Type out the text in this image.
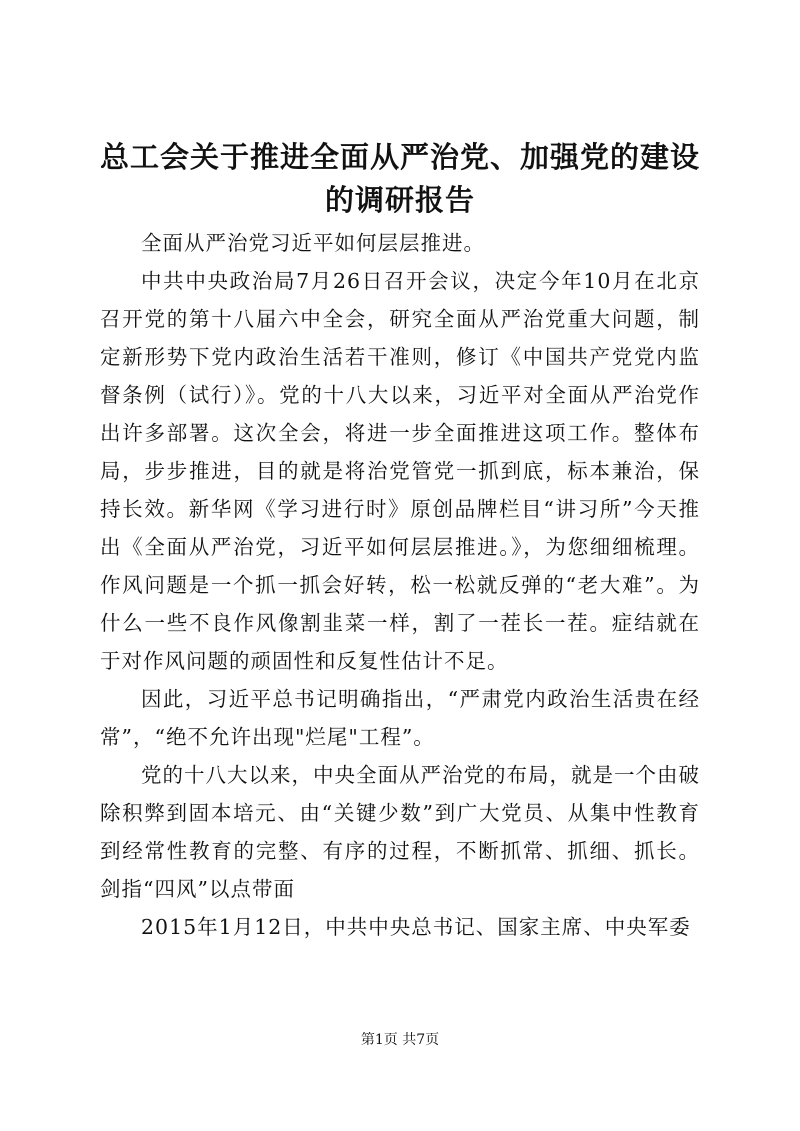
总工会关于推进全面从严治党、加强党的建设
的调研报告

全面从严治党习近平如何层层推进。

中共中央政治局7月26日召开会议，决定今年10月在北京召开党的第十八届六中全会，研究全面从严治党重大问题，制定新形势下党内政治生活若干准则，修订《中国共产党党内监督条例（试行）》。党的十八大以来，习近平对全面从严治党作出许多部署。这次全会，将进一步全面推进这项工作。整体布局，步步推进，目的就是将治党管党一抓到底，标本兼治，保持长效。新华网《学习进行时》原创品牌栏目“讲习所”今天推出《全面从严治党，习近平如何层层推进。》，为您细细梳理。作风问题是一个抓一抓会好转，松一松就反弹的“老大难”。为什么一些不良作风像割韭菜一样，割了一茬长一茬。症结就在于对作风问题的顽固性和反复性估计不足。

因此，习近平总书记明确指出，“严肃党内政治生活贵在经常”，“绝不允许出现"烂尾"工程”。

党的十八大以来，中央全面从严治党的布局，就是一个由破除积弊到固本培元、由“关键少数”到广大党员、从集中性教育到经常性教育的完整、有序的过程，不断抓常、抓细、抓长。剑指“四风”以点带面

2015年1月12日，中共中央总书记、国家主席、中央军委

第1页 共7页
